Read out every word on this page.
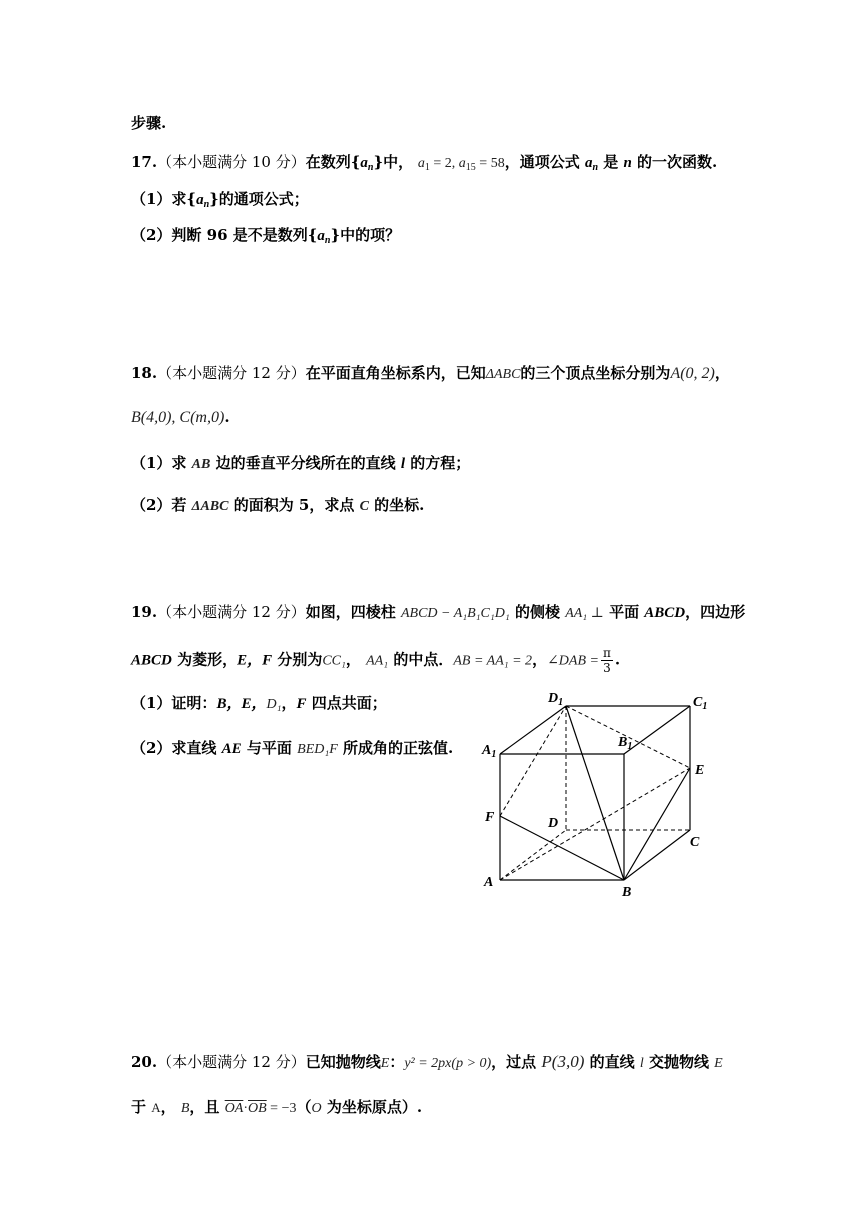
步骤.
17.（本小题满分 10 分）在数列$\{a_n\}$中， $a_1 = 2$, $a_{15} = 58$，通项公式 $a_n$ 是 n 的一次函数.
（1）求$\{a_n\}$的通项公式；
（2）判断 96 是不是数列$\{a_n\}$中的项？
18.（本小题满分 12 分）在平面直角坐标系内，已知ΔABC的三个顶点坐标分别为A(0, 2)，
B(4,0), C(m,0).
（1）求 AB 边的垂直平分线所在的直线 l 的方程；
（2）若 ΔABC 的面积为 5，求点 C 的坐标.
19.（本小题满分 12 分）如图，四棱柱 ABCD − A₁B₁C₁D₁ 的侧棱 AA₁ ⊥ 平面 ABCD，四边形
ABCD 为菱形，E，F 分别为CC₁， AA₁ 的中点．AB = AA₁ = 2，∠DAB = $\frac{\pi}{3}$ .
（1）证明：B，E，D₁，F 四点共面；
（2）求直线 AE 与平面 BED₁F 所成角的正弦值.
$D_1$	$C_1$
$A_1$
$B_1$
E
F	D
C
A
B
20.（本小题满分 12 分）已知抛物线E：y² = 2px(p > 0)，过点 P(3,0) 的直线 l 交抛物线 E
于 A， B，且 $\overline{OA}\cdot\overline{OB} = -3(O$ 为坐标原点）.
